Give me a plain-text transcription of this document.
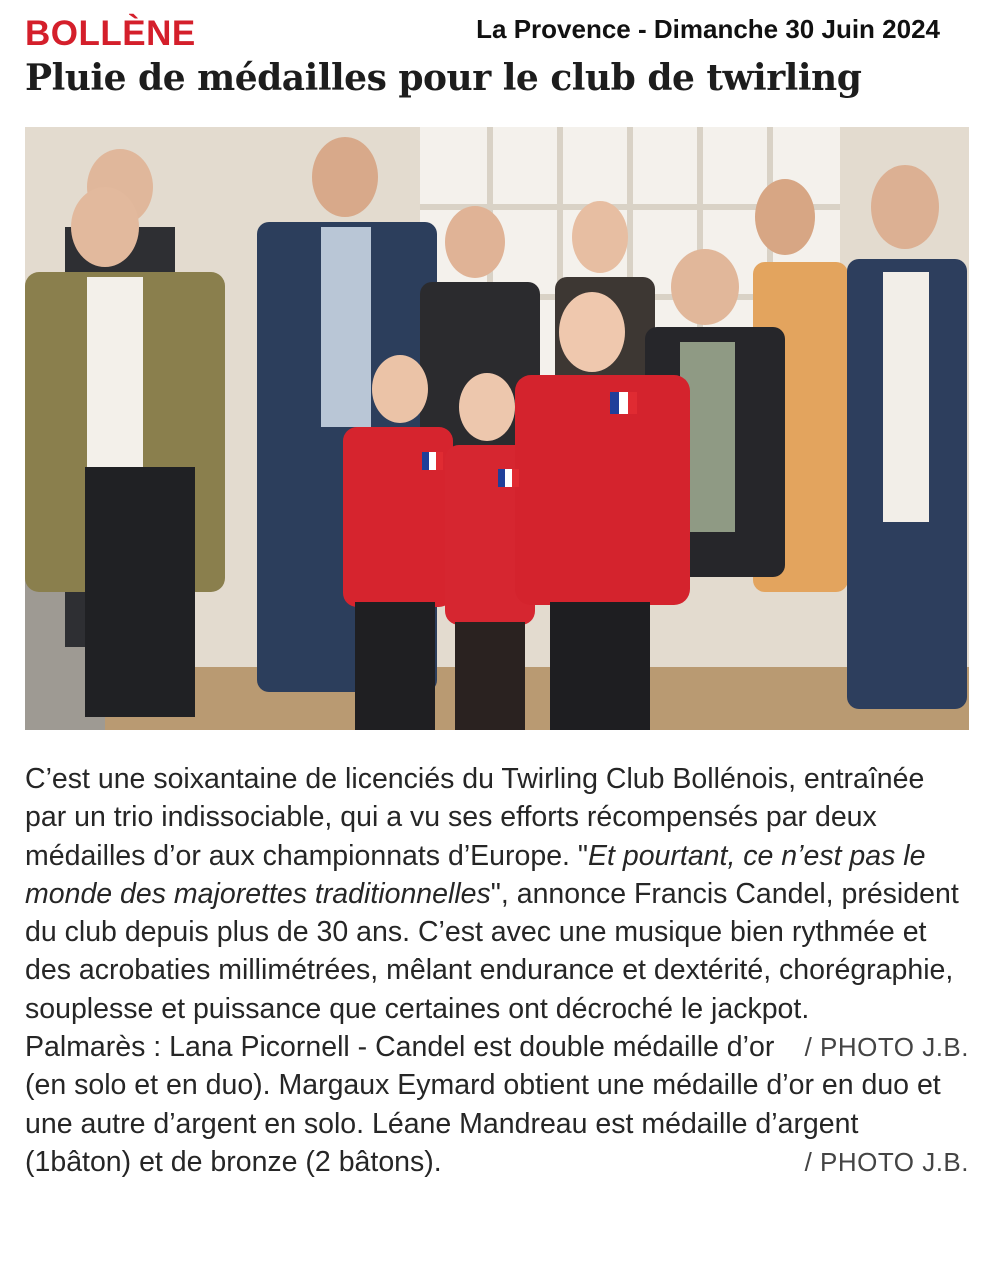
BOLLÈNE	La Provence - Dimanche 30 Juin 2024
Pluie de médailles pour le club de twirling

C’est une soixantaine de licenciés du Twirling Club Bollénois, entraînée par un trio indissociable, qui a vu ses efforts récompensés par deux médailles d’or aux championnats d’Europe. "Et pourtant, ce n’est pas le monde des majorettes traditionnelles", annonce Francis Candel, président du club depuis plus de 30 ans. C’est avec une musique bien rythmée et des acrobaties millimétrées, mêlant endurance et dextérité, chorégraphie, souplesse et puissance que certaines ont décroché le jackpot.
/ PHOTO J.B.

Palmarès : Lana Picornell - Candel est double médaille d’or (en solo et en duo). Margaux Eymard obtient une médaille d’or en duo et une autre d’argent en solo. Léane Mandreau est médaille d’argent (1bâton) et de bronze (2 bâtons).	/ PHOTO J.B.
